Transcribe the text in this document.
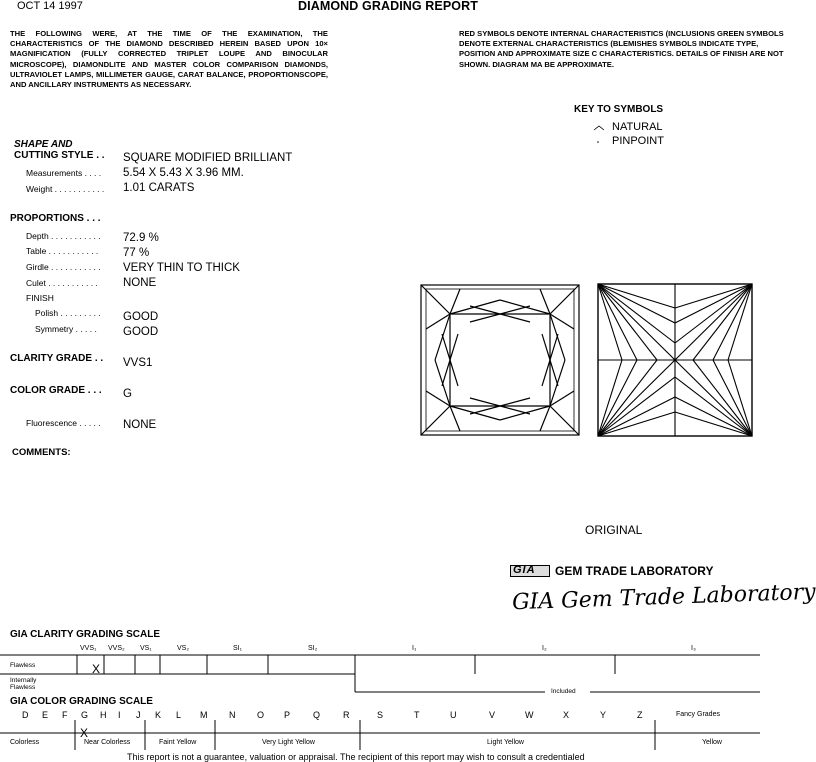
OCT 14 1997	DIAMOND GRADING REPORT
THE FOLLOWING WERE, AT THE TIME OF THE EXAMINATION, THE CHARACTERISTICS OF THE DIAMOND DESCRIBED HEREIN BASED UPON 10× MAGNIFICATION (FULLY CORRECTED TRIPLET LOUPE AND BINOCULAR MICROSCOPE), DIAMONDLITE AND MASTER COLOR COMPARISON DIAMONDS, ULTRAVIOLET LAMPS, MILLIMETER GAUGE, CARAT BALANCE, PROPORTIONSCOPE, AND ANCILLARY INSTRUMENTS AS NECESSARY.
RED SYMBOLS DENOTE INTERNAL CHARACTERISTICS (INCLUSIONS GREEN SYMBOLS DENOTE EXTERNAL CHARACTERISTICS (BLEMISHES SYMBOLS INDICATE TYPE, POSITION AND APPROXIMATE SIZE C CHARACTERISTICS. DETAILS OF FINISH ARE NOT SHOWN. DIAGRAM MA BE APPROXIMATE.
SHAPE AND
CUTTING STYLE . . SQUARE MODIFIED BRILLIANT
Measurements . . . . 5.54 X 5.43 X 3.96 MM.
Weight . . . . . . . . . . . 1.01 CARATS
PROPORTIONS . . .
Depth . . . . . . . . . . . 72.9 %
Table . . . . . . . . . . . 77 %
Girdle . . . . . . . . . . . VERY THIN TO THICK
Culet . . . . . . . . . . . NONE
FINISH
Polish . . . . . . . . . GOOD
Symmetry . . . . . GOOD
CLARITY GRADE . . VVS1
COLOR GRADE . . . G
Fluorescence . . . . . NONE
COMMENTS:
KEY TO SYMBOLS
NATURAL
PINPOINT
ORIGINAL
GIA GEM TRADE LABORATORY
GIA Gem Trade Laboratory
GIA CLARITY GRADING SCALE
VVS₁ VVS₂ VS₁	VS₂	SI₁	SI₂	I₁	I₂	I₃
X
Flawless
Internally
Flawless
Included
GIA COLOR GRADING SCALE
D E F G H I J K L M N O P	Q	R	S	T	U	V	W	X	Y	Z
X
Fancy Grades
Colorless	Near Colorless	Faint Yellow	Very Light Yellow	Light Yellow	Yellow
This report is not a guarantee, valuation or appraisal. The recipient of this report may wish to consult a credentialed
